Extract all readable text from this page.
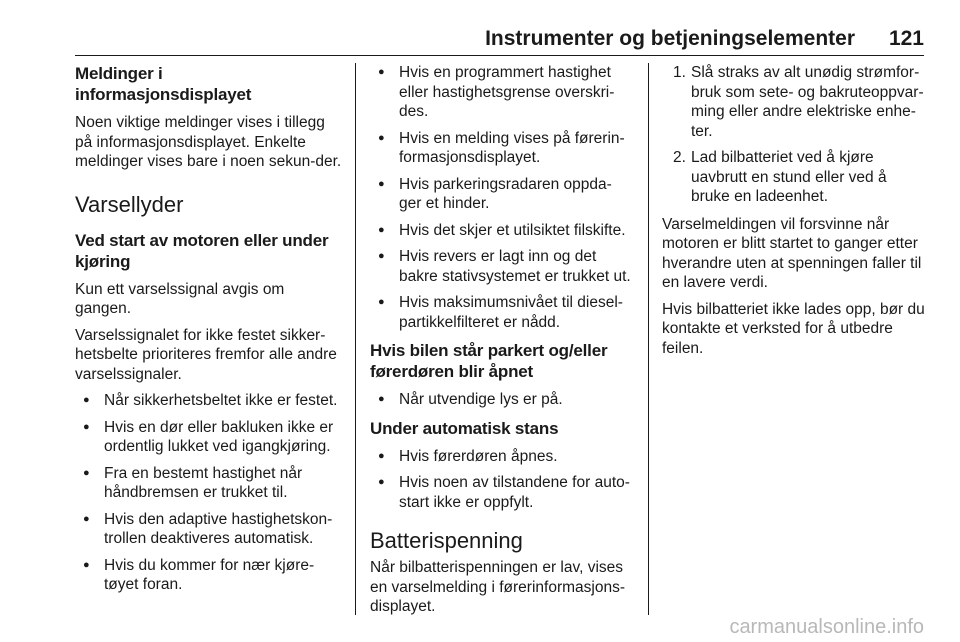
Instrumenter og betjeningselementer 121
Meldinger i informasjonsdisplayet

Noen viktige meldinger vises i tillegg på informasjonsdisplayet. Enkelte meldinger vises bare i noen sekun-der.

Varsellyder
Ved start av motoren eller under kjøring

Kun ett varselssignal avgis om gangen.

Varselssignalet for ikke festet sikker-hetsbelte prioriteres fremfor alle andre varselssignaler.

● Når sikkerhetsbeltet ikke er festet.
● Hvis en dør eller bakluken ikke er ordentlig lukket ved igangkjøring.
● Fra en bestemt hastighet når håndbremsen er trukket til.
● Hvis den adaptive hastighetskon-trollen deaktiveres automatisk.
● Hvis du kommer for nær kjøre-tøyet foran.
● Hvis en programmert hastighet eller hastighetsgrense overskri-des.
● Hvis en melding vises på førerin-formasjonsdisplayet.
● Hvis parkeringsradaren oppda-ger et hinder.
● Hvis det skjer et utilsiktet filskifte.
● Hvis revers er lagt inn og det bakre stativsystemet er trukket ut.
● Hvis maksimumsnivået til diesel-partikkelfilteret er nådd.
Hvis bilen står parkert og/eller førerdøren blir åpnet
● Når utvendige lys er på.
Under automatisk stans
● Hvis førerdøren åpnes.
● Hvis noen av tilstandene for auto-start ikke er oppfylt.
Batterispenning

Når bilbatterispenningen er lav, vises en varselmelding i førerinformasjons-displayet.

1. Slå straks av alt unødig strømfor-bruk som sete- og bakruteoppvar-ming eller andre elektriske enhe-ter.
2. Lad bilbatteriet ved å kjøre uavbrutt en stund eller ved å bruke en ladeenhet.

Varselmeldingen vil forsvinne når motoren er blitt startet to ganger etter hverandre uten at spenningen faller til en lavere verdi.

Hvis bilbatteriet ikke lades opp, bør du kontakte et verksted for å utbedre feilen.

carmanualsonline.info
